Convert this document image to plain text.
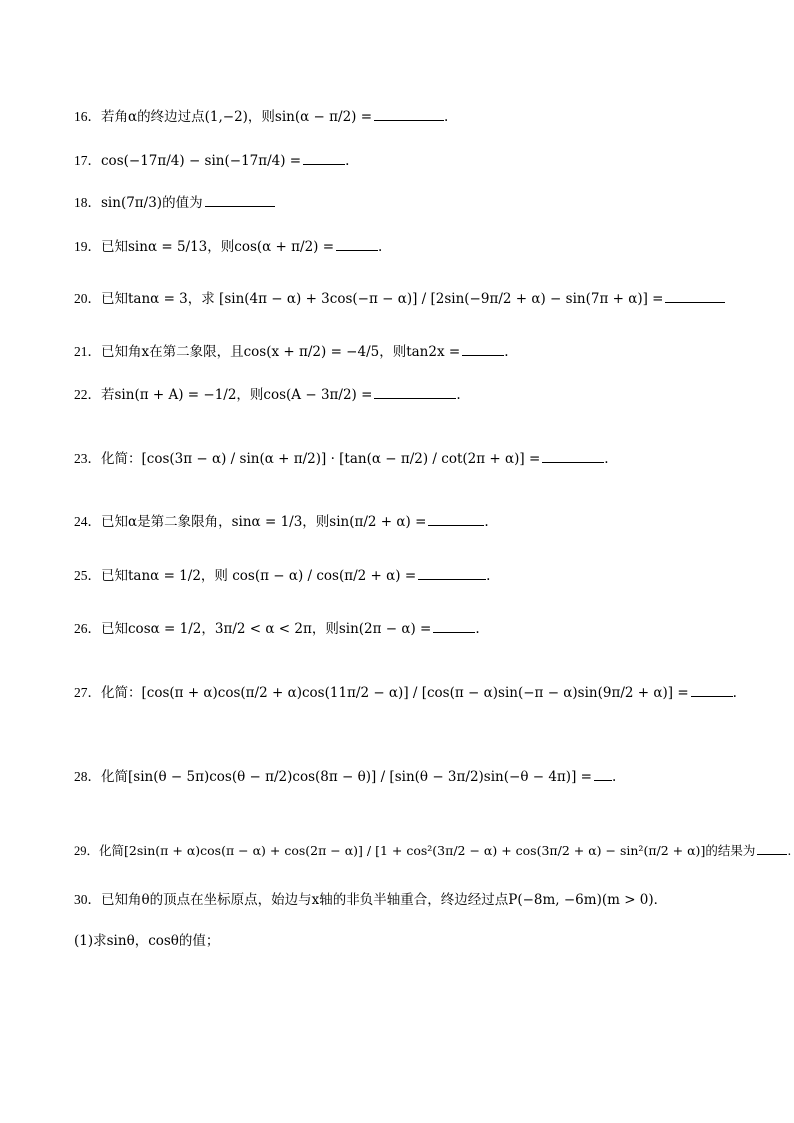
16．若角α的终边过点(1,−2)，则sin(α − π/2) =	.
17．cos(−17π/4) − sin(−17π/4) =	.
18．sin(7π/3)的值为
19．已知sinα = 5/13，则cos(α + π/2) =	.
20．已知tanα = 3，求 [sin(4π − α) + 3cos(−π − α)] / [2sin(−9π/2 + α) − sin(7π + α)] =
21．已知角x在第二象限，且cos(x + π/2) = −4/5，则tan2x =	.
22．若sin(π + A) = −1/2，则cos(A − 3π/2) =	.
23．化简：[cos(3π − α) / sin(α + π/2)] · [tan(α − π/2) / cot(2π + α)] =	.
24．已知α是第二象限角，sinα = 1/3，则sin(π/2 + α) =	.
25．已知tanα = 1/2，则 cos(π − α) / cos(π/2 + α) =	.
26．已知cosα = 1/2，3π/2 < α < 2π，则sin(2π − α) =	.
27．化简：[cos(π + α)cos(π/2 + α)cos(11π/2 − α)] / [cos(π − α)sin(−π − α)sin(9π/2 + α)] =	.
28．化简[sin(θ − 5π)cos(θ − π/2)cos(8π − θ)] / [sin(θ − 3π/2)sin(−θ − 4π)] = .
29．化简[2sin(π + α)cos(π − α) + cos(2π − α)] / [1 + cos²(3π/2 − α) + cos(3π/2 + α) − sin²(π/2 + α)]的结果为	.
30．已知角θ的顶点在坐标原点，始边与x轴的非负半轴重合，终边经过点P(−8m, −6m)(m > 0)．
(1)求sinθ，cosθ的值；
